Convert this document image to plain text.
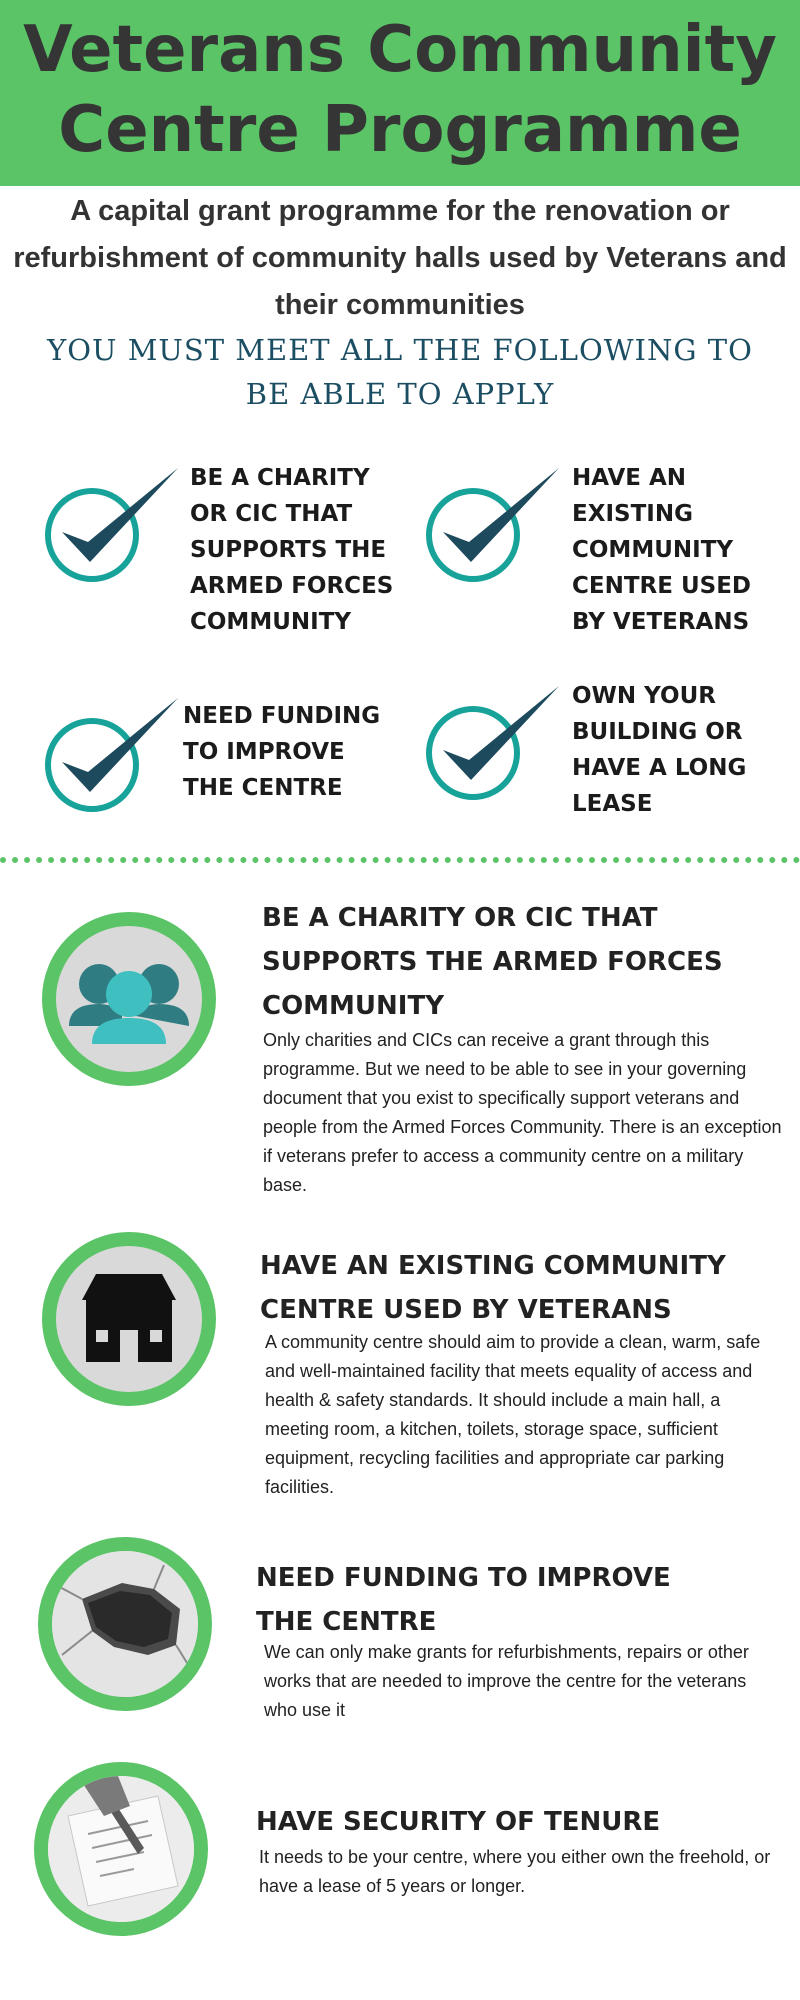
Veterans Community Centre Programme

A capital grant programme for the renovation or refurbishment of community halls used by Veterans and their communities

YOU MUST MEET ALL THE FOLLOWING TO BE ABLE TO APPLY

BE A CHARITY OR CIC THAT SUPPORTS THE ARMED FORCES COMMUNITY

HAVE AN EXISTING COMMUNITY CENTRE USED BY VETERANS

NEED FUNDING TO IMPROVE THE CENTRE

OWN YOUR BUILDING OR HAVE A LONG LEASE

BE A CHARITY OR CIC THAT SUPPORTS THE ARMED FORCES COMMUNITY

Only charities and CICs can receive a grant through this programme. But we need to be able to see in your governing document that you exist to specifically support veterans and people from the Armed Forces Community. There is an exception if veterans prefer to access a community centre on a military base.

HAVE AN EXISTING COMMUNITY CENTRE USED BY VETERANS

A community centre should aim to provide a clean, warm, safe and well-maintained facility that meets equality of access and health & safety standards. It should include a main hall, a meeting room, a kitchen, toilets, storage space, sufficient equipment, recycling facilities and appropriate car parking facilities.

NEED FUNDING TO IMPROVE THE CENTRE

We can only make grants for refurbishments, repairs or other works that are needed to improve the centre for the veterans who use it

HAVE SECURITY OF TENURE

It needs to be your centre, where you either own the freehold, or have a lease of 5 years or longer.
